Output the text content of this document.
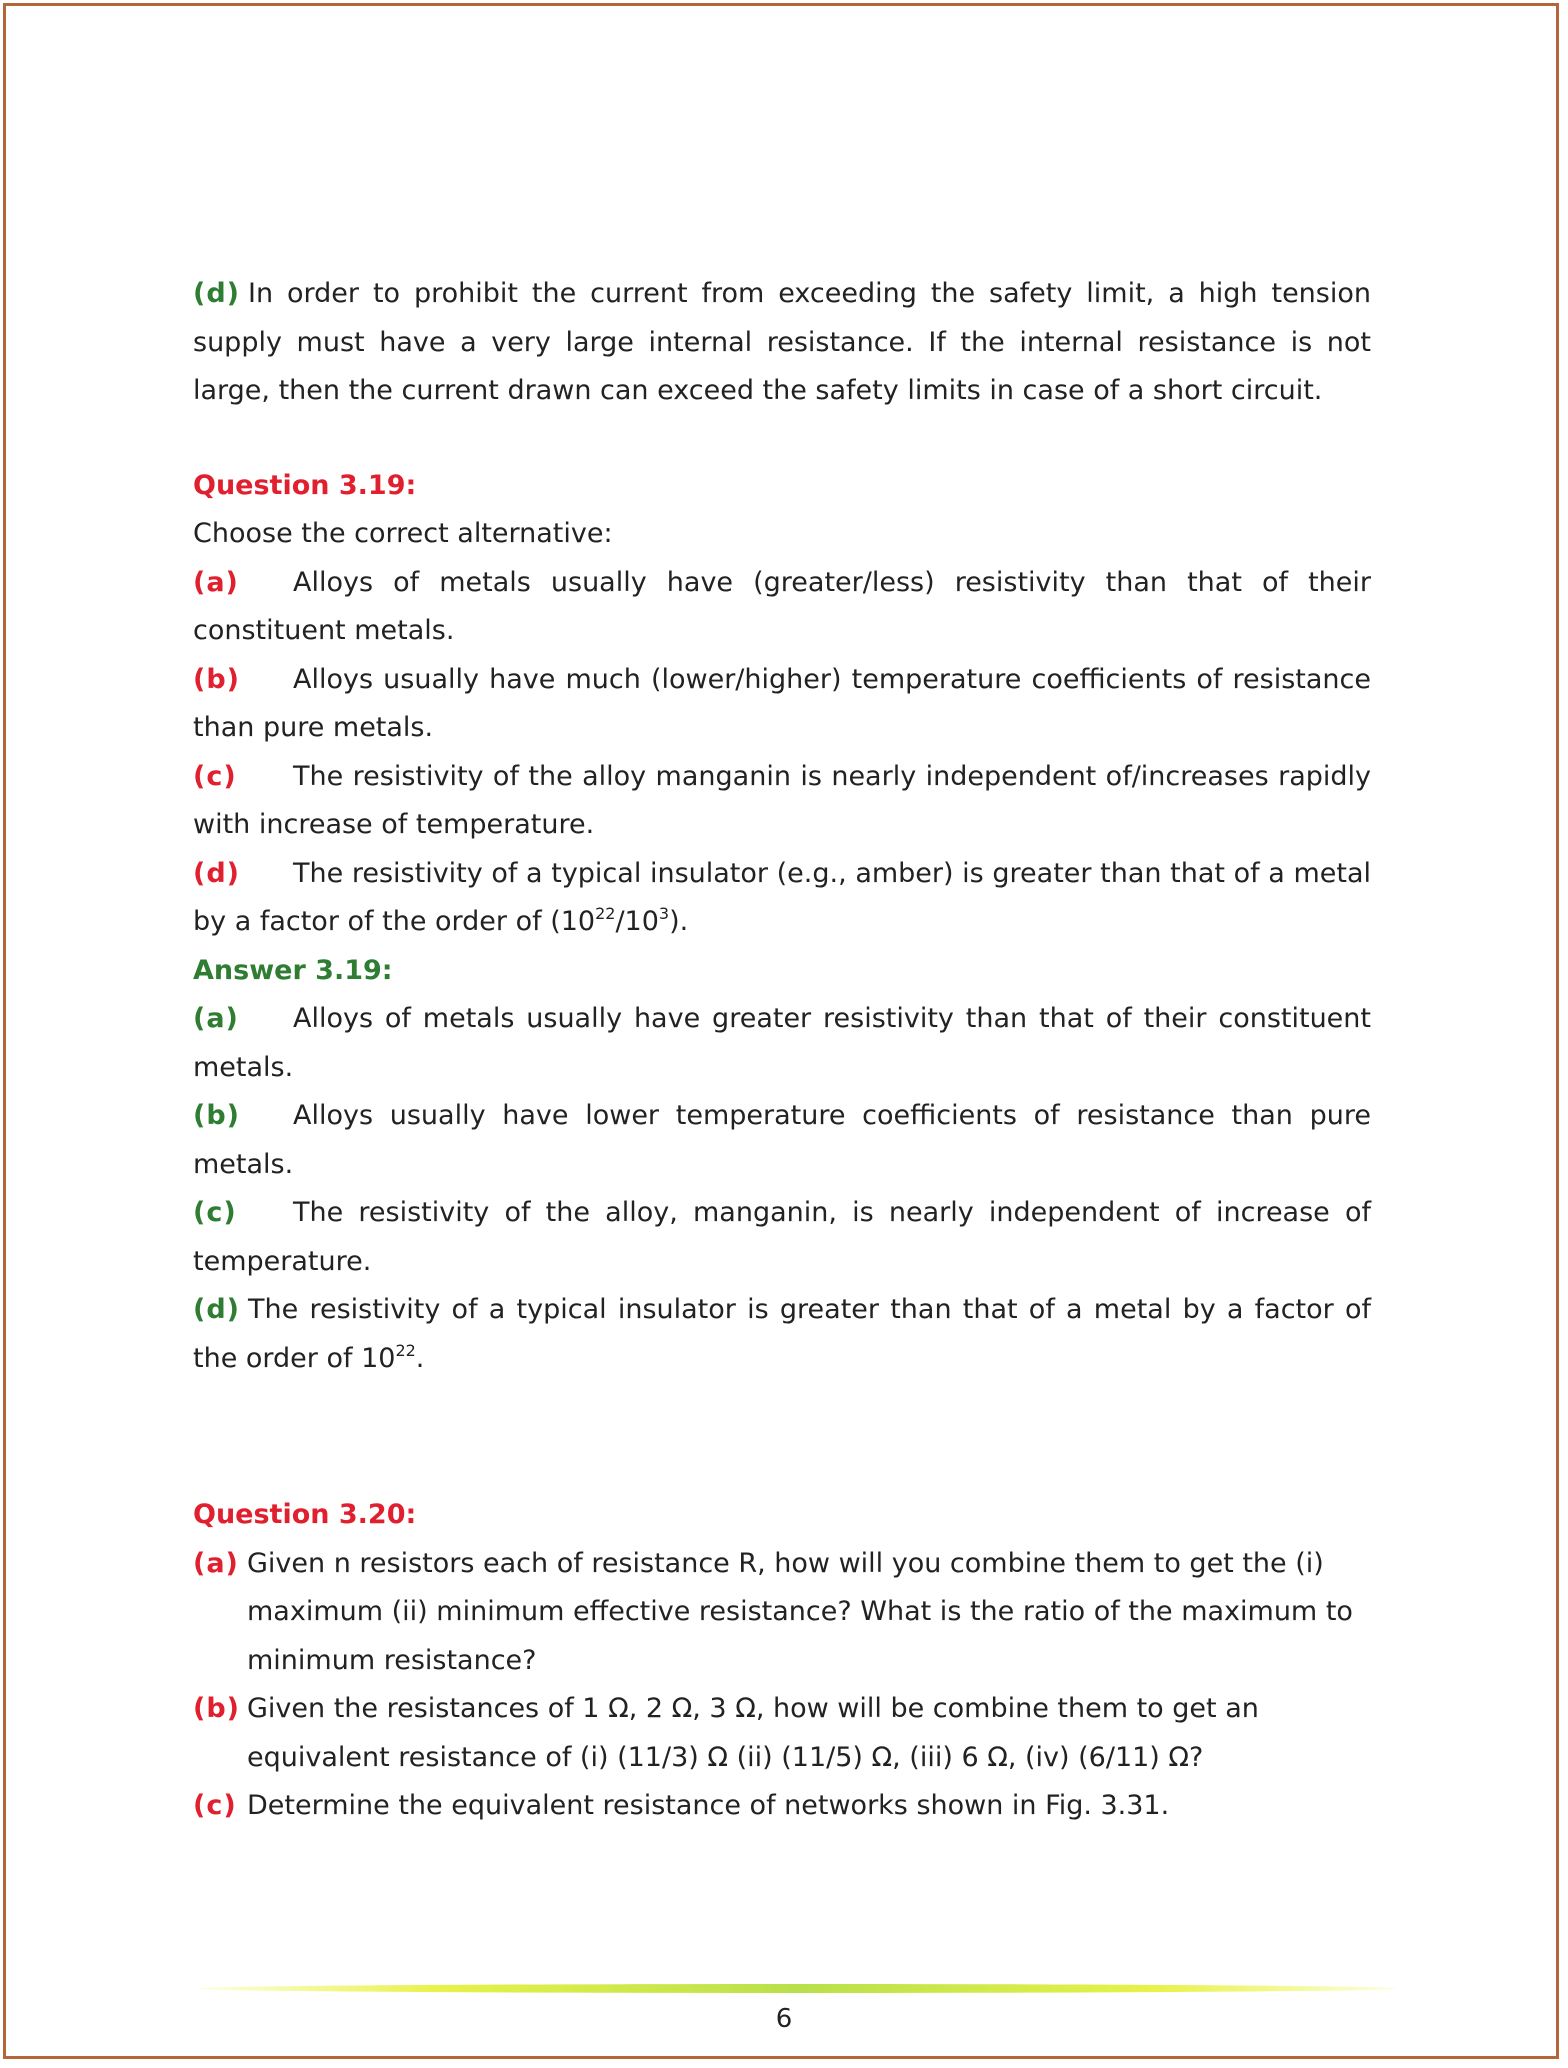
(d) In order to prohibit the current from exceeding the safety limit, a high tension supply must have a very large internal resistance. If the internal resistance is not large, then the current drawn can exceed the safety limits in case of a short circuit.

Question 3.19:

Choose the correct alternative:

(a) Alloys of metals usually have (greater/less) resistivity than that of their constituent metals.

(b) Alloys usually have much (lower/higher) temperature coefficients of resistance than pure metals.

(c) The resistivity of the alloy manganin is nearly independent of/increases rapidly with increase of temperature.

(d) The resistivity of a typical insulator (e.g., amber) is greater than that of a metal by a factor of the order of $(10^{22}/10^3)$.

Answer 3.19:

(a) Alloys of metals usually have greater resistivity than that of their constituent metals.

(b) Alloys usually have lower temperature coefficients of resistance than pure metals.

(c) The resistivity of the alloy, manganin, is nearly independent of increase of temperature.

(d) The resistivity of a typical insulator is greater than that of a metal by a factor of the order of $10^{22}$.

Question 3.20:

(a) Given n resistors each of resistance R, how will you combine them to get the (i) maximum (ii) minimum effective resistance? What is the ratio of the maximum to minimum resistance?

(b) Given the resistances of 1 Ω, 2 Ω, 3 Ω, how will be combine them to get an equivalent resistance of (i) (11/3) Ω (ii) (11/5) Ω, (iii) 6 Ω, (iv) (6/11) Ω?

(c) Determine the equivalent resistance of networks shown in Fig. 3.31.

6
